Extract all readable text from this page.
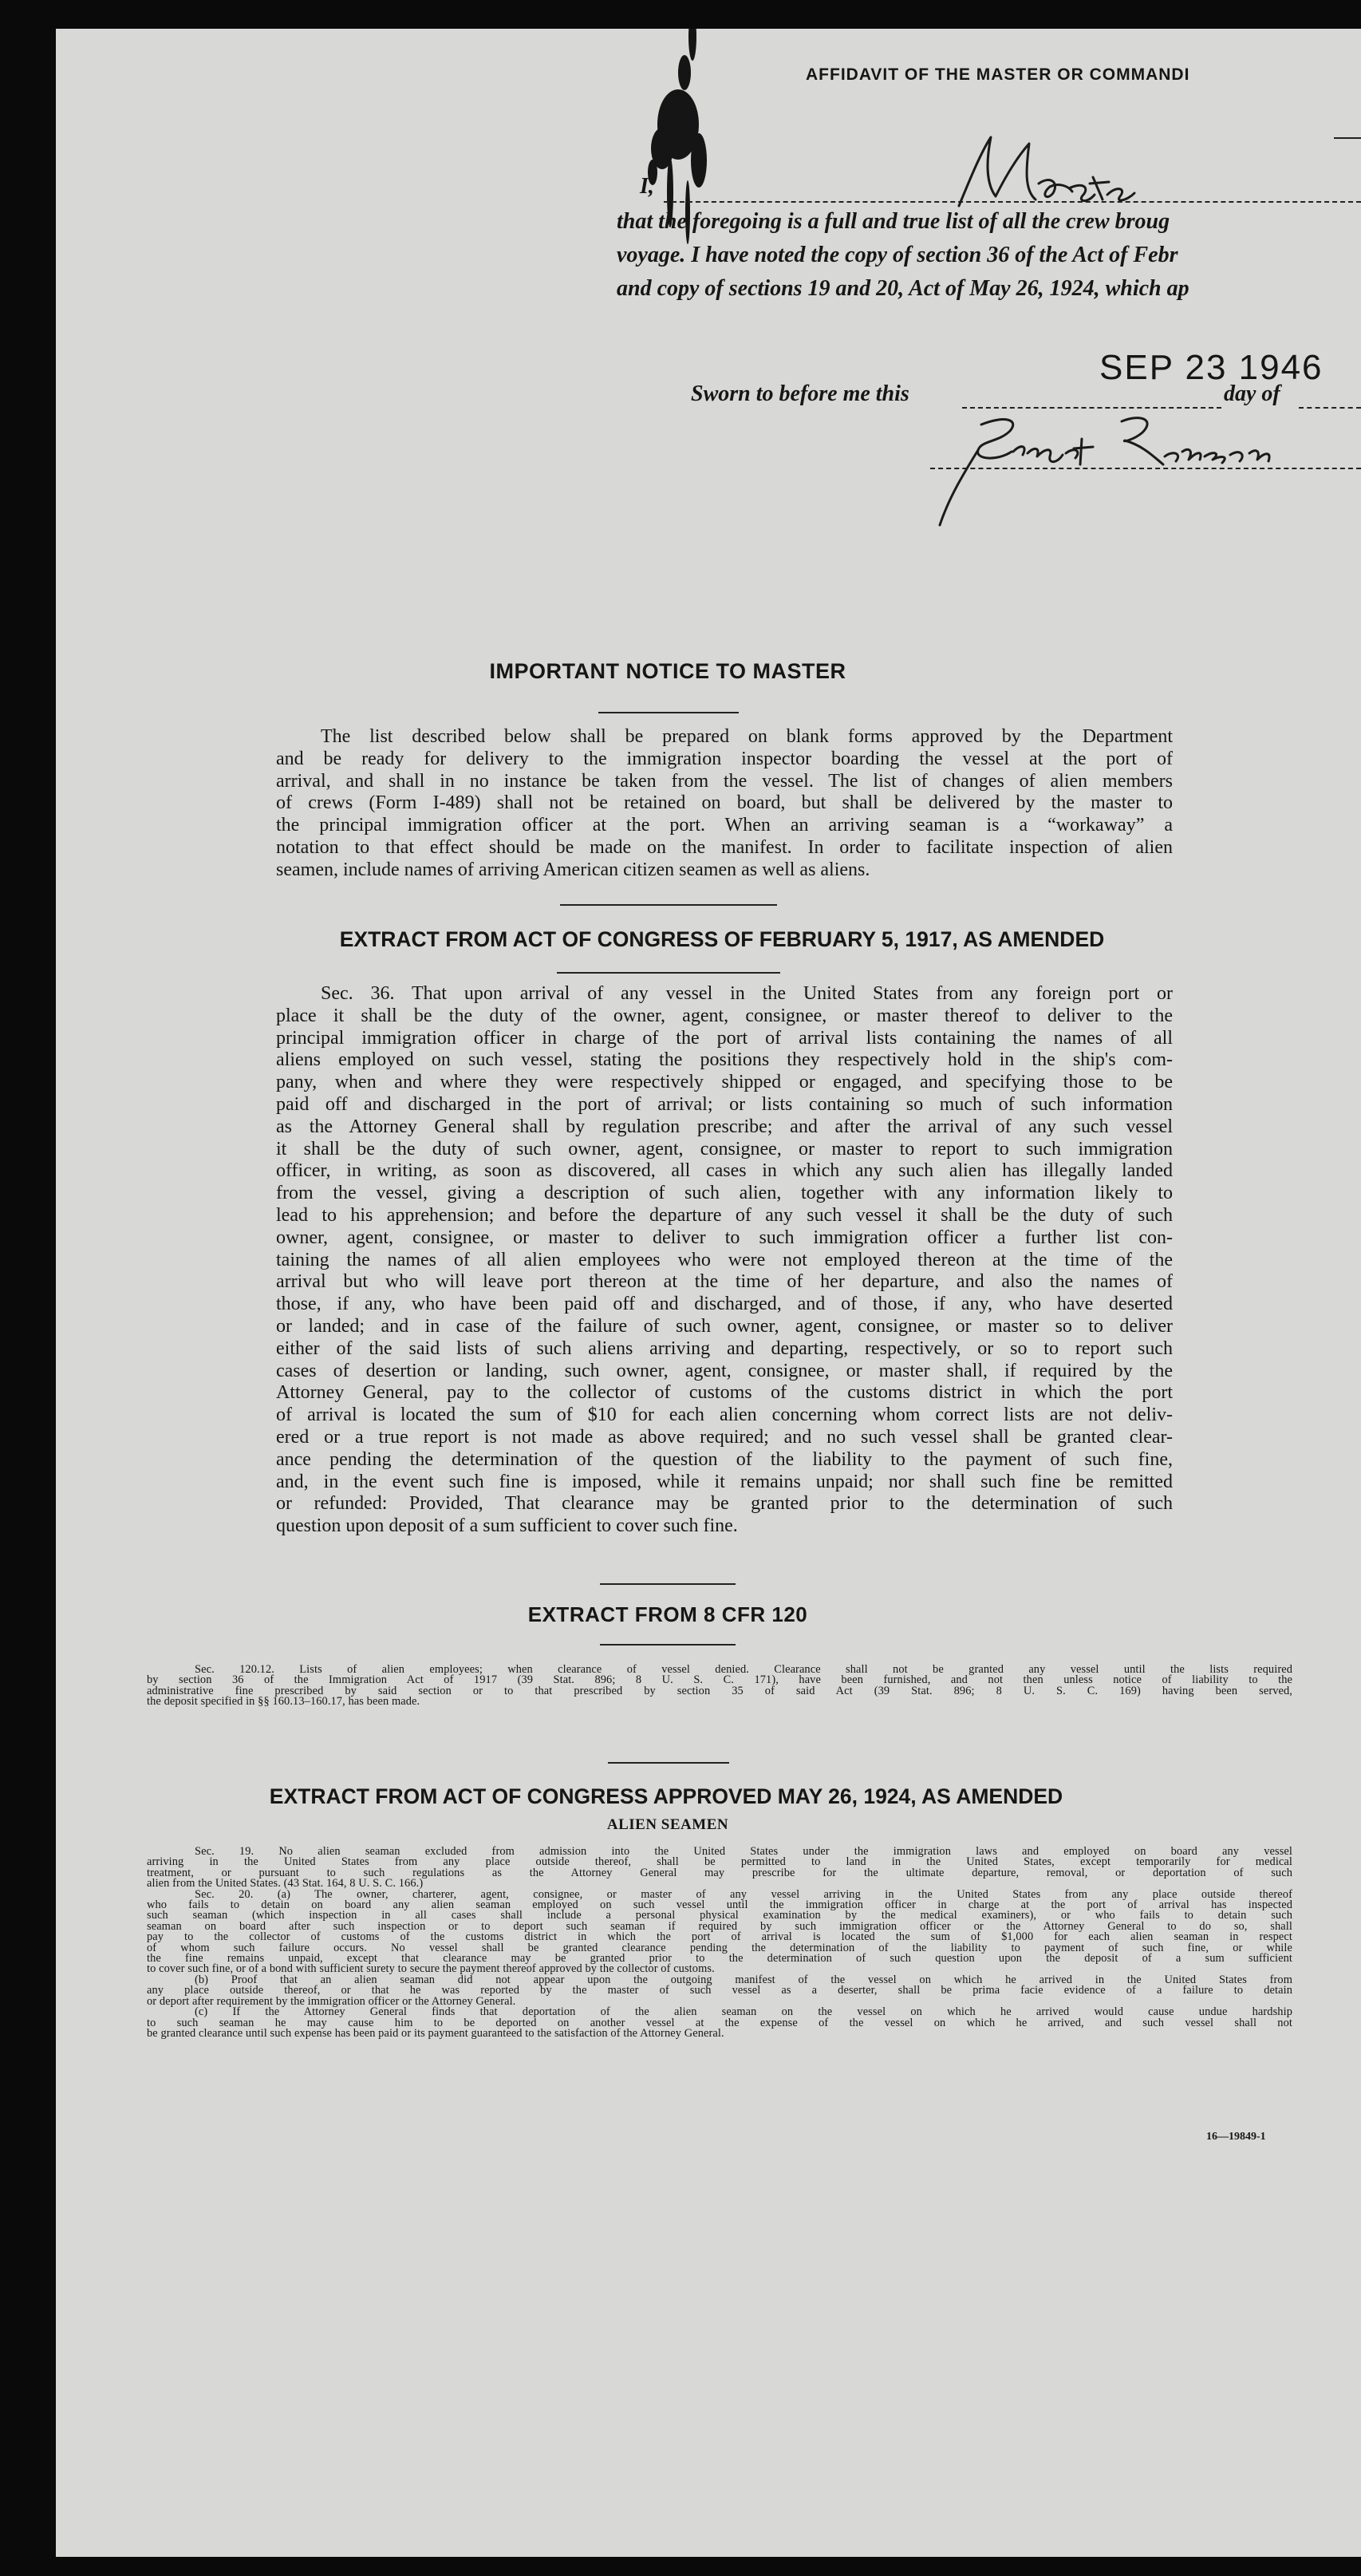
AFFIDAVIT OF THE MASTER OR COMMANDI
I,
that the foregoing is a full and true list of all the crew broug
voyage. I have noted the copy of section 36 of the Act of Febr
and copy of sections 19 and 20, Act of May 26, 1924, which ap
Sworn to before me this
SEP 23 1946
day of
IMPORTANT NOTICE TO MASTER
The list described below shall be prepared on blank forms approved by the Department
and be ready for delivery to the immigration inspector boarding the vessel at the port of
arrival, and shall in no instance be taken from the vessel. The list of changes of alien members
of crews (Form I-489) shall not be retained on board, but shall be delivered by the master to
the principal immigration officer at the port. When an arriving seaman is a “workaway” a
notation to that effect should be made on the manifest. In order to facilitate inspection of alien
seamen, include names of arriving American citizen seamen as well as aliens.
EXTRACT FROM ACT OF CONGRESS OF FEBRUARY 5, 1917, AS AMENDED
Sec. 36. That upon arrival of any vessel in the United States from any foreign port or
place it shall be the duty of the owner, agent, consignee, or master thereof to deliver to the
principal immigration officer in charge of the port of arrival lists containing the names of all
aliens employed on such vessel, stating the positions they respectively hold in the ship's com-
pany, when and where they were respectively shipped or engaged, and specifying those to be
paid off and discharged in the port of arrival; or lists containing so much of such information
as the Attorney General shall by regulation prescribe; and after the arrival of any such vessel
it shall be the duty of such owner, agent, consignee, or master to report to such immigration
officer, in writing, as soon as discovered, all cases in which any such alien has illegally landed
from the vessel, giving a description of such alien, together with any information likely to
lead to his apprehension; and before the departure of any such vessel it shall be the duty of such
owner, agent, consignee, or master to deliver to such immigration officer a further list con-
taining the names of all alien employees who were not employed thereon at the time of the
arrival but who will leave port thereon at the time of her departure, and also the names of
those, if any, who have been paid off and discharged, and of those, if any, who have deserted
or landed; and in case of the failure of such owner, agent, consignee, or master so to deliver
either of the said lists of such aliens arriving and departing, respectively, or so to report such
cases of desertion or landing, such owner, agent, consignee, or master shall, if required by the
Attorney General, pay to the collector of customs of the customs district in which the port
of arrival is located the sum of $10 for each alien concerning whom correct lists are not deliv-
ered or a true report is not made as above required; and no such vessel shall be granted clear-
ance pending the determination of the question of the liability to the payment of such fine,
and, in the event such fine is imposed, while it remains unpaid; nor shall such fine be remitted
or refunded: Provided, That clearance may be granted prior to the determination of such
question upon deposit of a sum sufficient to cover such fine.
EXTRACT FROM 8 CFR 120
Sec. 120.12. Lists of alien employees; when clearance of vessel denied. Clearance shall not be granted any vessel until the lists required
by section 36 of the Immigration Act of 1917 (39 Stat. 896; 8 U. S. C. 171), have been furnished, and not then unless notice of liability to the
administrative fine prescribed by said section or to that prescribed by section 35 of said Act (39 Stat. 896; 8 U. S. C. 169) having been served,
the deposit specified in §§ 160.13–160.17, has been made.
EXTRACT FROM ACT OF CONGRESS APPROVED MAY 26, 1924, AS AMENDED
ALIEN SEAMEN
Sec. 19. No alien seaman excluded from admission into the United States under the immigration laws and employed on board any vessel
arriving in the United States from any place outside thereof, shall be permitted to land in the United States, except temporarily for medical
treatment, or pursuant to such regulations as the Attorney General may prescribe for the ultimate departure, removal, or deportation of such
alien from the United States. (43 Stat. 164, 8 U. S. C. 166.)
Sec. 20. (a) The owner, charterer, agent, consignee, or master of any vessel arriving in the United States from any place outside thereof
who fails to detain on board any alien seaman employed on such vessel until the immigration officer in charge at the port of arrival has inspected
such seaman (which inspection in all cases shall include a personal physical examination by the medical examiners), or who fails to detain such
seaman on board after such inspection or to deport such seaman if required by such immigration officer or the Attorney General to do so, shall
pay to the collector of customs of the customs district in which the port of arrival is located the sum of $1,000 for each alien seaman in respect
of whom such failure occurs. No vessel shall be granted clearance pending the determination of the liability to payment of such fine, or while
the fine remains unpaid, except that clearance may be granted prior to the determination of such question upon the deposit of a sum sufficient
to cover such fine, or of a bond with sufficient surety to secure the payment thereof approved by the collector of customs.
(b) Proof that an alien seaman did not appear upon the outgoing manifest of the vessel on which he arrived in the United States from
any place outside thereof, or that he was reported by the master of such vessel as a deserter, shall be prima facie evidence of a failure to detain
or deport after requirement by the immigration officer or the Attorney General.
(c) If the Attorney General finds that deportation of the alien seaman on the vessel on which he arrived would cause undue hardship
to such seaman he may cause him to be deported on another vessel at the expense of the vessel on which he arrived, and such vessel shall not
be granted clearance until such expense has been paid or its payment guaranteed to the satisfaction of the Attorney General.
16—19849-1
